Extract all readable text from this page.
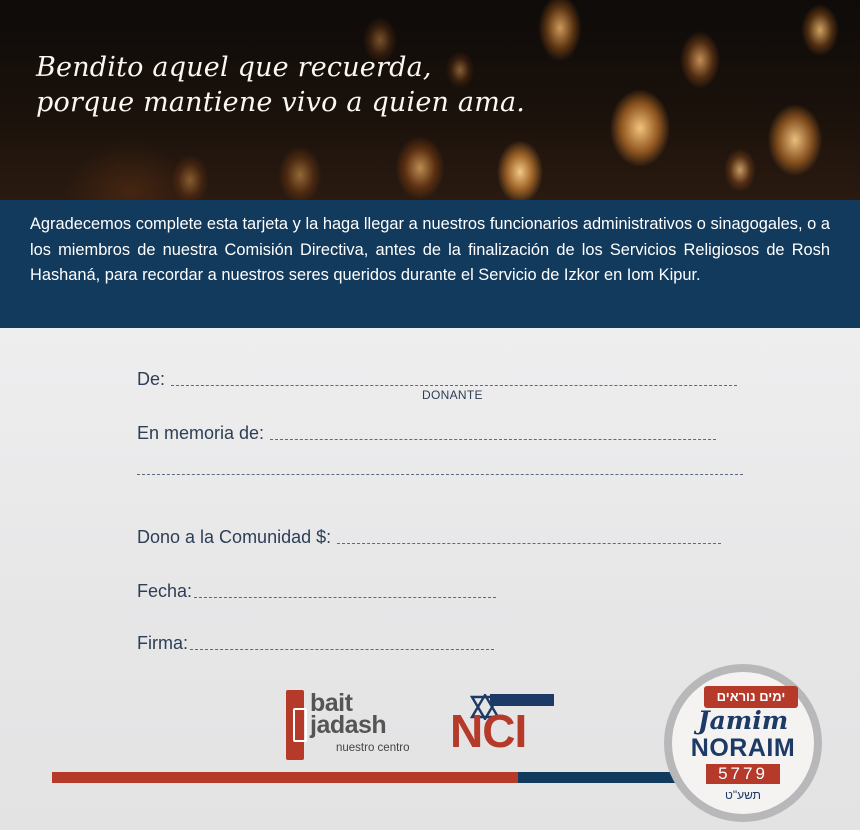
Bendito aquel que recuerda,
porque mantiene vivo a quien ama.

Agradecemos complete esta tarjeta y la haga llegar a nuestros funcionarios administrativos o sinagogales, o a los miembros de nuestra Comisión Directiva, antes de la finalización de los Servicios Religiosos de Rosh Hashaná, para recordar a nuestros seres queridos durante el Servicio de Izkor en Iom Kipur.

De:
DONANTE
En memoria de:
Dono a la Comunidad $:
Fecha:
Firma:
bait
jadash
nuestro centro NCI
ימים נוראים
Jamim
NORAIM
5779
תשע"ט
